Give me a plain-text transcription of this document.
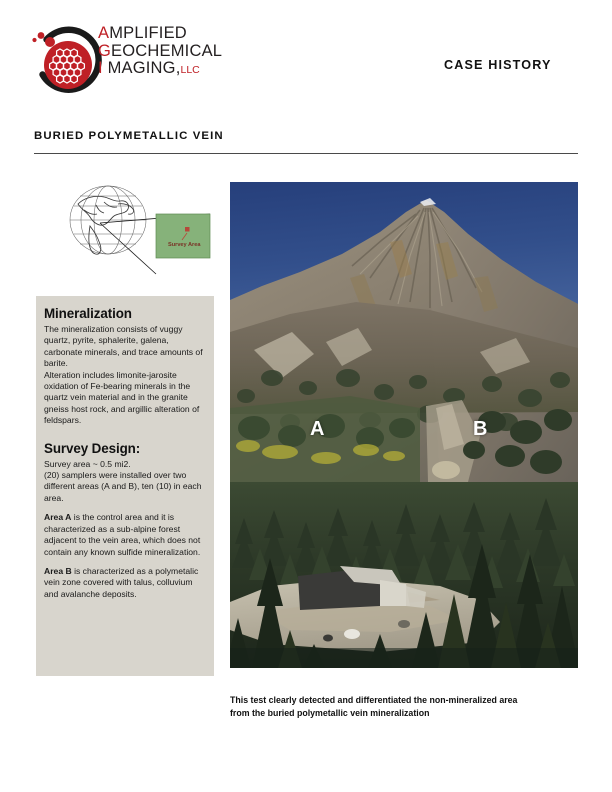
AMPLIFIED
GEOCHEMICAL
I MAGING,LLC	CASE HISTORY
BURIED POLYMETALLIC VEIN
Survey Area
Mineralization

The mineralization consists of vuggy quartz, pyrite, sphalerite, galena, carbonate minerals, and trace amounts of barite.

Alteration includes limonite-jarosite oxidation of Fe-bearing minerals in the quartz vein material and in the granite gneiss host rock, and argillic alteration of feldspars.

Survey Design:

Survey area ~ 0.5 mi2.

(20) samplers were installed over two different areas (A and B), ten (10) in each area.

Area A is the control area and it is characterized as a sub-alpine forest adjacent to the vein area, which does not contain any known sulfide mineralization.

Area B is characterized as a polymetalic vein zone covered with talus, colluvium and avalanche deposits.

A	B
This test clearly detected and differentiated the non-mineralized area
from the buried polymetallic vein mineralization
